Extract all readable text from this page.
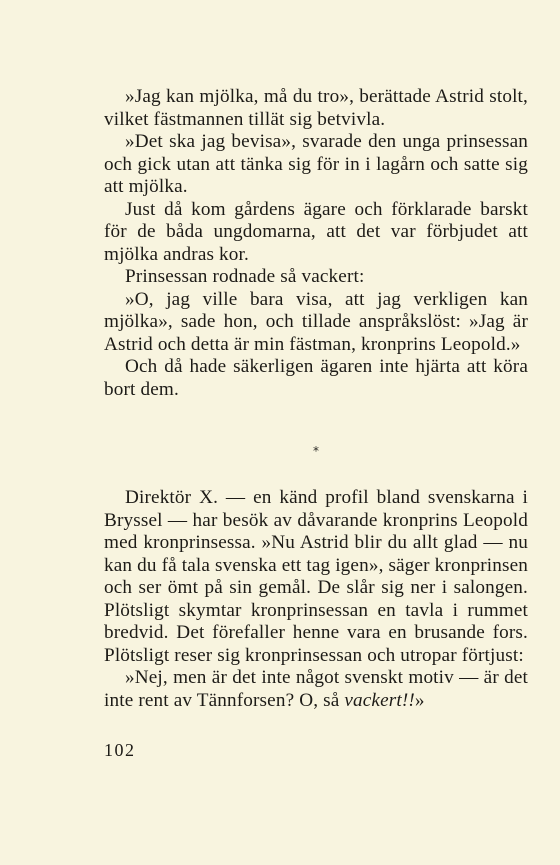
»Jag kan mjölka, må du tro», berättade Astrid stolt, vilket fästmannen tillät sig betvivla.

»Det ska jag bevisa», svarade den unga prinsessan och gick utan att tänka sig för in i lagårn och satte sig att mjölka.

Just då kom gårdens ägare och förklarade barskt för de båda ungdomarna, att det var förbjudet att mjölka andras kor.

Prinsessan rodnade så vackert:

»O, jag ville bara visa, att jag verkligen kan mjölka», sade hon, och tillade anspråkslöst: »Jag är Astrid och detta är min fästman, kronprins Leopold.»

Och då hade säkerligen ägaren inte hjärta att köra bort dem.

*

Direktör X. — en känd profil bland svenskarna i Bryssel — har besök av dåvarande kronprins Leopold med kronprinsessa. »Nu Astrid blir du allt glad — nu kan du få tala svenska ett tag igen», säger kronprinsen och ser ömt på sin gemål. De slår sig ner i salongen. Plötsligt skymtar kronprinsessan en tavla i rummet bredvid. Det förefaller henne vara en brusande fors. Plötsligt reser sig kronprinsessan och utropar förtjust:

»Nej, men är det inte något svenskt motiv — är det inte rent av Tännforsen? O, så vackert!!»

102
